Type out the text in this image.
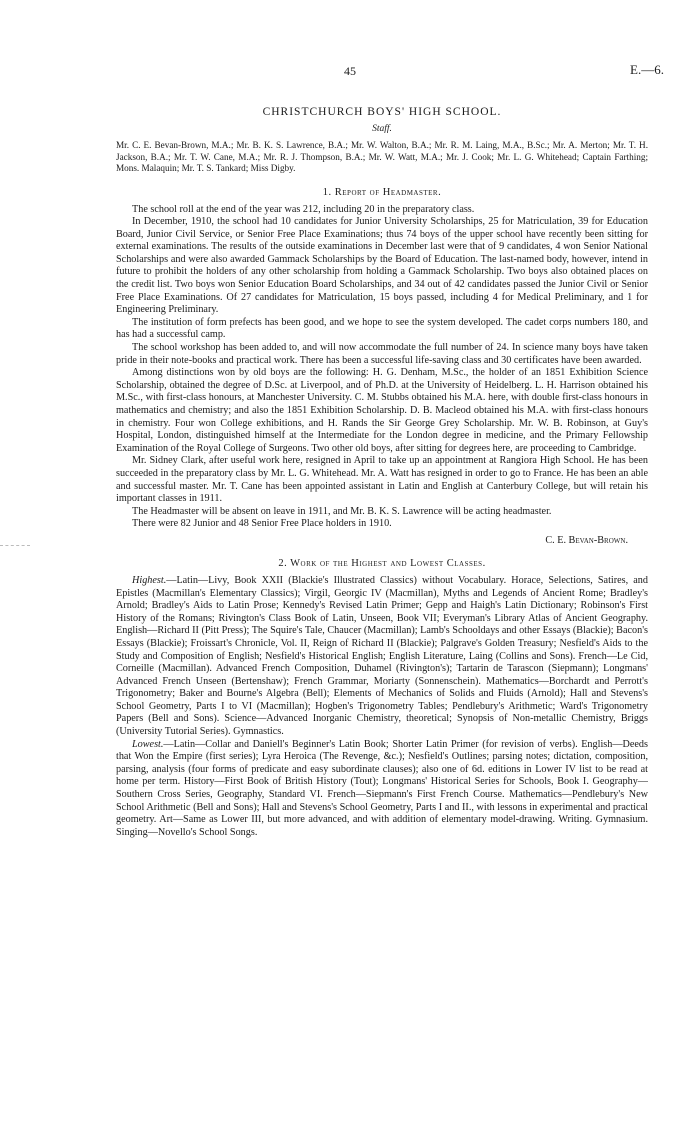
45	E.—6.
CHRISTCHURCH BOYS' HIGH SCHOOL.
Staff.
Mr. C. E. Bevan-Brown, M.A.; Mr. B. K. S. Lawrence, B.A.; Mr. W. Walton, B.A.; Mr. R. M. Laing, M.A., B.Sc.; Mr. A. Merton; Mr. T. H. Jackson, B.A.; Mr. T. W. Cane, M.A.; Mr. R. J. Thompson, B.A.; Mr. W. Watt, M.A.; Mr. J. Cook; Mr. L. G. Whitehead; Captain Farthing; Mons. Malaquin; Mr. T. S. Tankard; Miss Digby.
1. Report of Headmaster.

The school roll at the end of the year was 212, including 20 in the preparatory class.

In December, 1910, the school had 10 candidates for Junior University Scholarships, 25 for Matriculation, 39 for Education Board, Junior Civil Service, or Senior Free Place Examinations; thus 74 boys of the upper school have recently been sitting for external examinations. The results of the outside examinations in December last were that of 9 candidates, 4 won Senior National Scholarships and were also awarded Gammack Scholarships by the Board of Education. The last-named body, however, intend in future to prohibit the holders of any other scholarship from holding a Gammack Scholarship. Two boys also obtained places on the credit list. Two boys won Senior Education Board Scholarships, and 34 out of 42 candidates passed the Junior Civil or Senior Free Place Examinations. Of 27 candidates for Matriculation, 15 boys passed, including 4 for Medical Preliminary, and 1 for Engineering Preliminary.

The institution of form prefects has been good, and we hope to see the system developed. The cadet corps numbers 180, and has had a successful camp.

The school workshop has been added to, and will now accommodate the full number of 24. In science many boys have taken pride in their note-books and practical work. There has been a successful life-saving class and 30 certificates have been awarded.

Among distinctions won by old boys are the following: H. G. Denham, M.Sc., the holder of an 1851 Exhibition Science Scholarship, obtained the degree of D.Sc. at Liverpool, and of Ph.D. at the University of Heidelberg. L. H. Harrison obtained his M.Sc., with first-class honours, at Manchester University. C. M. Stubbs obtained his M.A. here, with double first-class honours in mathematics and chemistry; and also the 1851 Exhibition Scholarship. D. B. Macleod obtained his M.A. with first-class honours in chemistry. Four won College exhibitions, and H. Rands the Sir George Grey Scholarship. Mr. W. B. Robinson, at Guy's Hospital, London, distinguished himself at the Intermediate for the London degree in medicine, and the Primary Fellowship Examination of the Royal College of Surgeons. Two other old boys, after sitting for degrees here, are proceeding to Cambridge.

Mr. Sidney Clark, after useful work here, resigned in April to take up an appointment at Rangiora High School. He has been succeeded in the preparatory class by Mr. L. G. Whitehead. Mr. A. Watt has resigned in order to go to France. He has been an able and successful master. Mr. T. Cane has been appointed assistant in Latin and English at Canterbury College, but will retain his important classes in 1911.

The Headmaster will be absent on leave in 1911, and Mr. B. K. S. Lawrence will be acting headmaster.

There were 82 Junior and 48 Senior Free Place holders in 1910.

C. E. Bevan-Brown.
2. Work of the Highest and Lowest Classes.

Highest.—Latin—Livy, Book XXII (Blackie's Illustrated Classics) without Vocabulary. Horace, Selections, Satires, and Epistles (Macmillan's Elementary Classics); Virgil, Georgic IV (Macmillan), Myths and Legends of Ancient Rome; Bradley's Arnold; Bradley's Aids to Latin Prose; Kennedy's Revised Latin Primer; Gepp and Haigh's Latin Dictionary; Robinson's First History of the Romans; Rivington's Class Book of Latin, Unseen, Book VII; Everyman's Library Atlas of Ancient Geography. English—Richard II (Pitt Press); The Squire's Tale, Chaucer (Macmillan); Lamb's Schooldays and other Essays (Blackie); Bacon's Essays (Blackie); Froissart's Chronicle, Vol. II, Reign of Richard II (Blackie); Palgrave's Golden Treasury; Nesfield's Aids to the Study and Composition of English; Nesfield's Historical English; English Literature, Laing (Collins and Sons). French—Le Cid, Corneille (Macmillan). Advanced French Composition, Duhamel (Rivington's); Tartarin de Tarascon (Siepmann); Longmans' Advanced French Unseen (Bertenshaw); French Grammar, Moriarty (Sonnenschein). Mathematics—Borchardt and Perrott's Trigonometry; Baker and Bourne's Algebra (Bell); Elements of Mechanics of Solids and Fluids (Arnold); Hall and Stevens's School Geometry, Parts I to VI (Macmillan); Hogben's Trigonometry Tables; Pendlebury's Arithmetic; Ward's Trigonometry Papers (Bell and Sons). Science—Advanced Inorganic Chemistry, theoretical; Synopsis of Non-metallic Chemistry, Briggs (University Tutorial Series). Gymnastics.

Lowest.—Latin—Collar and Daniell's Beginner's Latin Book; Shorter Latin Primer (for revision of verbs). English—Deeds that Won the Empire (first series); Lyra Heroica (The Revenge, &c.); Nesfield's Outlines; parsing notes; dictation, composition, parsing, analysis (four forms of predicate and easy subordinate clauses); also one of 6d. editions in Lower IV list to be read at home per term. History—First Book of British History (Tout); Longmans' Historical Series for Schools, Book I. Geography—Southern Cross Series, Geography, Standard VI. French—Siepmann's First French Course. Mathematics—Pendlebury's New School Arithmetic (Bell and Sons); Hall and Stevens's School Geometry, Parts I and II., with lessons in experimental and practical geometry. Art—Same as Lower III, but more advanced, and with addition of elementary model-drawing. Writing. Gymnasium. Singing—Novello's School Songs.
